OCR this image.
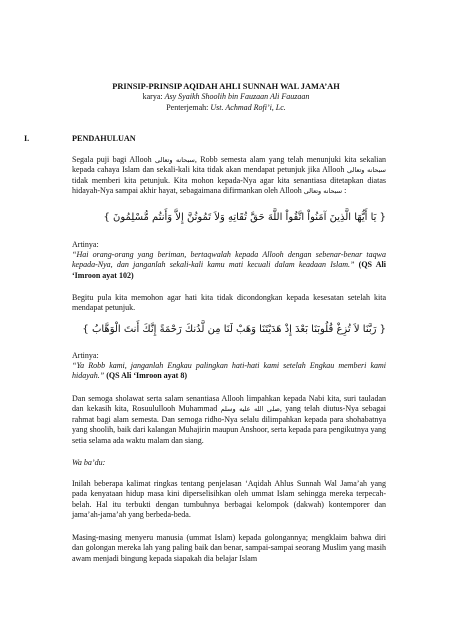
PRINSIP-PRINSIP AQIDAH AHLI SUNNAH WAL JAMA’AH
karya: Asy Syaikh Shoolih bin Fauzaan Ali Fauzaan
Penterjemah: Ust. Achmad Rofi’i, Lc.
I.	PENDAHULUAN

Segala puji bagi Allooh سبحانه وتعالى, Robb semesta alam yang telah menunjuki kita sekalian kepada cahaya Islam dan sekali-kali kita tidak akan mendapat petunjuk jika Allooh سبحانه وتعالى tidak memberi kita petunjuk. Kita mohon kepada-Nya agar kita senantiasa ditetapkan diatas hidayah-Nya sampai akhir hayat, sebagaimana difirmankan oleh Allooh سبحانه وتعالى :

{ يَا أَيُّهَا الَّذِينَ آمَنُواْ اتَّقُواْ اللَّهَ حَقَّ تُقَاتِهِ وَلاَ تَمُوتُنَّ إِلاَّ وَأَنتُم مُّسْلِمُونَ }

Artinya:

“Hai orang-orang yang beriman, bertaqwalah kepada Allooh dengan sebenar-benar taqwa kepada-Nya, dan janganlah sekali-kali kamu mati kecuali dalam keadaan Islam.” (QS Ali ‘Imroon ayat 102)

Begitu pula kita memohon agar hati kita tidak dicondongkan kepada kesesatan setelah kita mendapat petunjuk.

{ رَبَّنَا لاَ تُزِغْ قُلُوبَنَا بَعْدَ إِذْ هَدَيْتَنَا وَهَبْ لَنَا مِن لَّدُنكَ رَحْمَةً إِنَّكَ أَنتَ الْوَهَّابُ }

Artinya:

“Ya Robb kami, janganlah Engkau palingkan hati-hati kami setelah Engkau memberi kami hidayah.” (QS Ali ‘Imroon ayat 8)

Dan semoga sholawat serta salam senantiasa Allooh limpahkan kepada Nabi kita, suri tauladan dan kekasih kita, Rosuulullooh Muhammad صلى الله عليه وسلم, yang telah diutus-Nya sebagai rahmat bagi alam semesta. Dan semoga ridho-Nya selalu dilimpahkan kepada para shohabatnya yang shoolih, baik dari kalangan Muhajirin maupun Anshoor, serta kepada para pengikutnya yang setia selama ada waktu malam dan siang.

Wa ba’du:

Inilah beberapa kalimat ringkas tentang penjelasan ‘Aqidah Ahlus Sunnah Wal Jama’ah yang pada kenyataan hidup masa kini diperselisihkan oleh ummat Islam sehingga mereka terpecah-belah. Hal itu terbukti dengan tumbuhnya berbagai kelompok (dakwah) kontemporer dan jama’ah-jama’ah yang berbeda-beda.

Masing-masing menyeru manusia (ummat Islam) kepada golongannya; mengklaim bahwa diri dan golongan mereka lah yang paling baik dan benar, sampai-sampai seorang Muslim yang masih awam menjadi bingung kepada siapakah dia belajar Islam
